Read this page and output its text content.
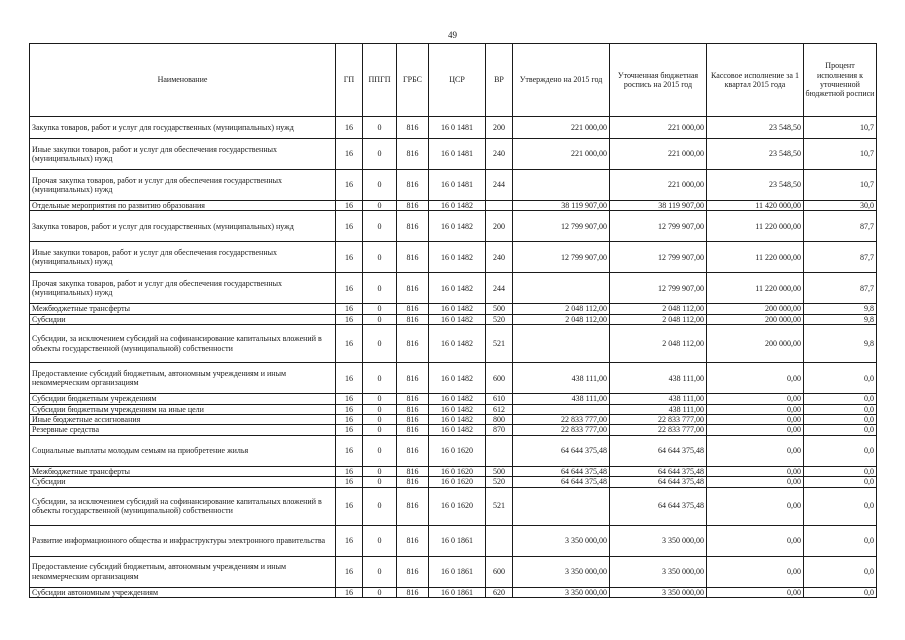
49
Наименование	ГП	ППГП	ГРБС	ЦСР	ВР	Утверждено на 2015 год	Уточненная бюджетная роспись на 2015 год	Кассовое исполнение за 1 квартал 2015 года	Процент исполнения к уточненной бюджетной росписи
Закупка товаров, работ и услуг для государственных (муниципальных) нужд	16	0	816	16 0 1481	200	221 000,00	221 000,00	23 548,50	10,7
Иные закупки товаров, работ и услуг для обеспечения государственных (муниципальных) нужд	16	0	816	16 0 1481	240	221 000,00	221 000,00	23 548,50	10,7
Прочая закупка товаров, работ и услуг для обеспечения государственных (муниципальных) нужд	16	0	816	16 0 1481	244		221 000,00	23 548,50	10,7
Отдельные мероприятия по развитию образования	16	0	816	16 0 1482		38 119 907,00	38 119 907,00	11 420 000,00	30,0
Закупка товаров, работ и услуг для государственных (муниципальных) нужд	16	0	816	16 0 1482	200	12 799 907,00	12 799 907,00	11 220 000,00	87,7
Иные закупки товаров, работ и услуг для обеспечения государственных (муниципальных) нужд	16	0	816	16 0 1482	240	12 799 907,00	12 799 907,00	11 220 000,00	87,7
Прочая закупка товаров, работ и услуг для обеспечения государственных (муниципальных) нужд	16	0	816	16 0 1482	244		12 799 907,00	11 220 000,00	87,7
Межбюджетные трансферты	16	0	816	16 0 1482	500	2 048 112,00	2 048 112,00	200 000,00	9,8
Субсидии	16	0	816	16 0 1482	520	2 048 112,00	2 048 112,00	200 000,00	9,8
Субсидии, за исключением субсидий на софинансирование капитальных вложений в объекты государственной (муниципальной) собственности	16	0	816	16 0 1482	521		2 048 112,00	200 000,00	9,8
Предоставление субсидий бюджетным, автономным учреждениям и иным некоммерческим организациям	16	0	816	16 0 1482	600	438 111,00	438 111,00	0,00	0,0
Субсидии бюджетным учреждениям	16	0	816	16 0 1482	610	438 111,00	438 111,00	0,00	0,0
Субсидии бюджетным учреждениям на иные цели	16	0	816	16 0 1482	612		438 111,00	0,00	0,0
Иные бюджетные ассигнования	16	0	816	16 0 1482	800	22 833 777,00	22 833 777,00	0,00	0,0
Резервные средства	16	0	816	16 0 1482	870	22 833 777,00	22 833 777,00	0,00	0,0
Социальные выплаты молодым семьям на приобретение жилья	16	0	816	16 0 1620		64 644 375,48	64 644 375,48	0,00	0,0
Межбюджетные трансферты	16	0	816	16 0 1620	500	64 644 375,48	64 644 375,48	0,00	0,0
Субсидии	16	0	816	16 0 1620	520	64 644 375,48	64 644 375,48	0,00	0,0
Субсидии, за исключением субсидий на софинансирование капитальных вложений в объекты государственной (муниципальной) собственности	16	0	816	16 0 1620	521		64 644 375,48	0,00	0,0
Развитие информационного общества и инфраструктуры электронного правительства	16	0	816	16 0 1861		3 350 000,00	3 350 000,00	0,00	0,0
Предоставление субсидий бюджетным, автономным учреждениям и иным некоммерческим организациям	16	0	816	16 0 1861	600	3 350 000,00	3 350 000,00	0,00	0,0
Субсидии автономным учреждениям	16	0	816	16 0 1861	620	3 350 000,00	3 350 000,00	0,00	0,0
